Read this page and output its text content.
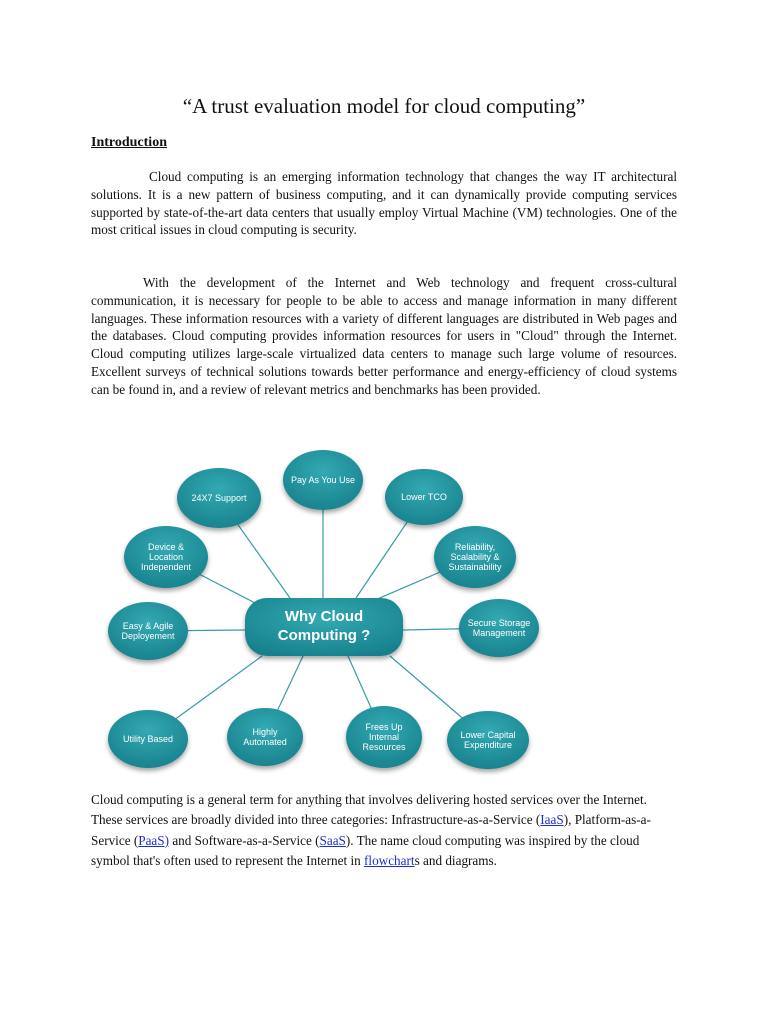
“A trust evaluation model for cloud computing”
Introduction

Cloud computing is an emerging information technology that changes the way IT architectural solutions. It is a new pattern of business computing, and it can dynamically provide computing services supported by state-of-the-art data centers that usually employ Virtual Machine (VM) technologies. One of the most critical issues in cloud computing is security.

With the development of the Internet and Web technology and frequent cross-cultural communication, it is necessary for people to be able to access and manage information in many different languages. These information resources with a variety of different languages are distributed in Web pages and the databases. Cloud computing provides information resources for users in "Cloud" through the Internet. Cloud computing utilizes large-scale virtualized data centers to manage such large volume of resources. Excellent surveys of technical solutions towards better performance and energy-efficiency of cloud systems can be found in, and a review of relevant metrics and benchmarks has been provided.

Pay As You Use
Lower TCO
Reliability,
Scalability &
Sustainability
Secure Storage
Management
Lower Capital
Expenditure
Frees Up
Internal
Resources
Highly
Automated
Utility Based
Easy & Agile
Deployement
Device &
Location
Independent
24X7 Support
Why Cloud
Computing ?

Cloud computing is a general term for anything that involves delivering hosted services over the Internet. These services are broadly divided into three categories: Infrastructure-as-a-Service (IaaS), Platform-as-a-Service (PaaS) and Software-as-a-Service (SaaS). The name cloud computing was inspired by the cloud symbol that's often used to represent the Internet in flowcharts and diagrams.
